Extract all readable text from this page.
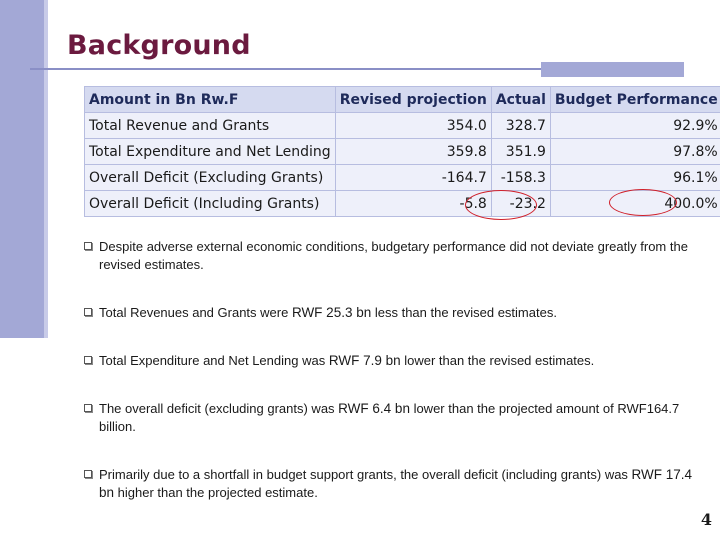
Background
Amount in Bn Rw.F	Revised projection	Actual	Budget Performance
Total Revenue and Grants	354.0	328.7	92.9%
Total Expenditure and Net Lending	359.8	351.9	97.8%
Overall Deficit (Excluding Grants)	-164.7	-158.3	96.1%
Overall Deficit (Including Grants)	-5.8	-23.2	400.0%
Despite adverse external economic conditions, budgetary performance did not deviate greatly from the revised estimates.
Total Revenues and Grants were RWF 25.3 bn less than the revised estimates.
Total Expenditure and Net Lending was RWF 7.9 bn lower than the revised estimates.
The overall deficit (excluding grants) was RWF 6.4 bn lower than the projected amount of RWF164.7 billion.
Primarily due to a shortfall in budget support grants, the overall deficit (including grants) was RWF 17.4 bn higher than the projected estimate.
4
